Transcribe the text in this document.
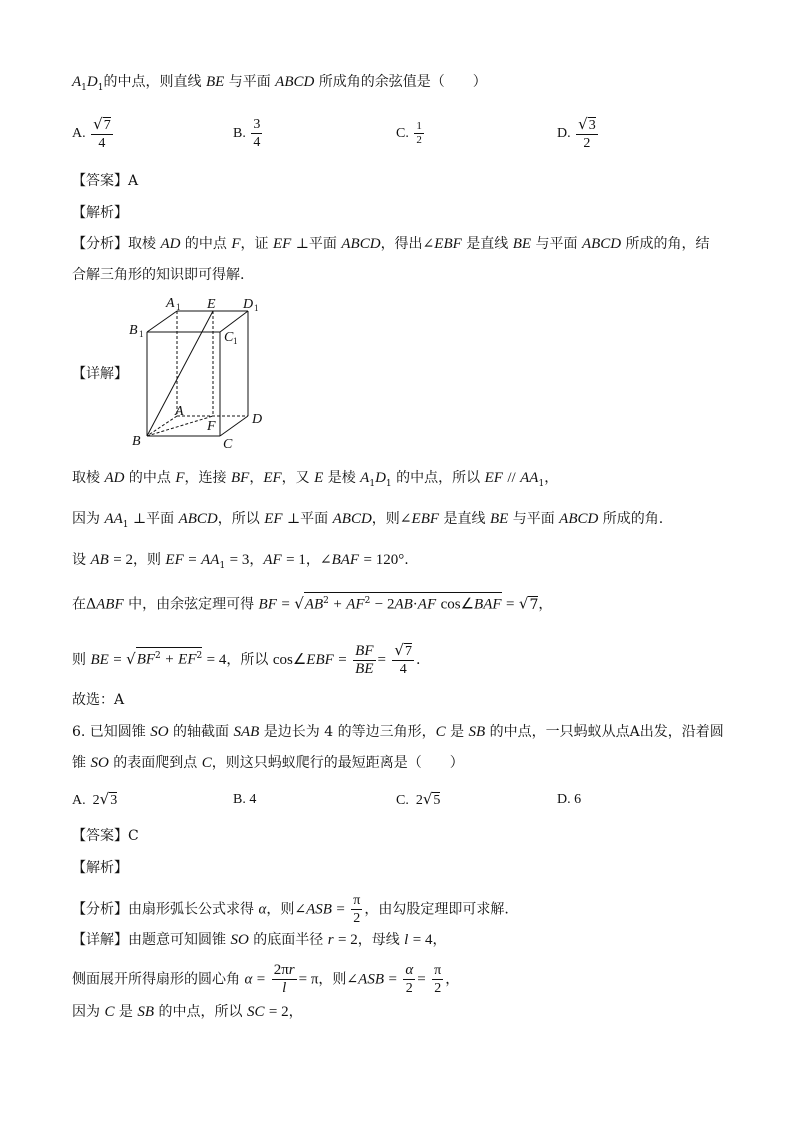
$A_1D_1$的中点，则直线 BE 与平面 ABCD 所成角的余弦值是（　　）
A. $\frac{√7}{4}$	B. $\frac{3}{4}$	C. $\frac{1}{2}$	D. $\frac{√3}{2}$
【答案】A
【解析】
【分析】取棱 AD 的中点 F，证 EF ⊥平面 ABCD，得出∠EBF 是直线 BE 与平面 ABCD 所成的角，结
合解三角形的知识即可得解.
【详解】
A 1 E D 1
B 1	C 1
A
D
F
B	C
取棱 AD 的中点 F，连接 BF，EF，又 E 是棱 $A_1D_1$ 的中点，所以 EF // $AA_1$，
因为 $AA_1$ ⊥平面 ABCD，所以 EF ⊥平面 ABCD，则∠EBF 是直线 BE 与平面 ABCD 所成的角.
设 AB = 2，则 EF = $AA_1 = 3$，AF = 1，∠BAF = 120°.
在ΔABF 中，由余弦定理可得 BF = $√AB^2 + AF^2 - 2AB\cdot AF$ cos∠BAF = √7，
则 BE = $√BF^2 + EF^2 = 4$，所以 cos∠EBF = $\frac{BF}{BE} = \frac{√7}{4}$ .
故选：A
6. 已知圆锥 SO 的轴截面 SAB 是边长为 4 的等边三角形，C 是 SB 的中点，一只蚂蚁从点A出发，沿着圆
锥 SO 的表面爬到点 C，则这只蚂蚁爬行的最短距离是（　　）
A.  2√3	B. 4	C.  2√5	D. 6
【答案】C
【解析】
【分析】由扇形弧长公式求得 α，则∠ASB = $\frac{\pi}{2}$ ，由勾股定理即可求解.
【详解】由题意可知圆锥 SO 的底面半径 r = 2，母线 l = 4，
侧面展开所得扇形的圆心角 $\alpha = \frac{2\pi r}{l} = \pi$，则∠ASB = $\frac{\alpha}{2} = \frac{\pi}{2}$ ，
因为 C 是 SB 的中点，所以 SC = 2，
